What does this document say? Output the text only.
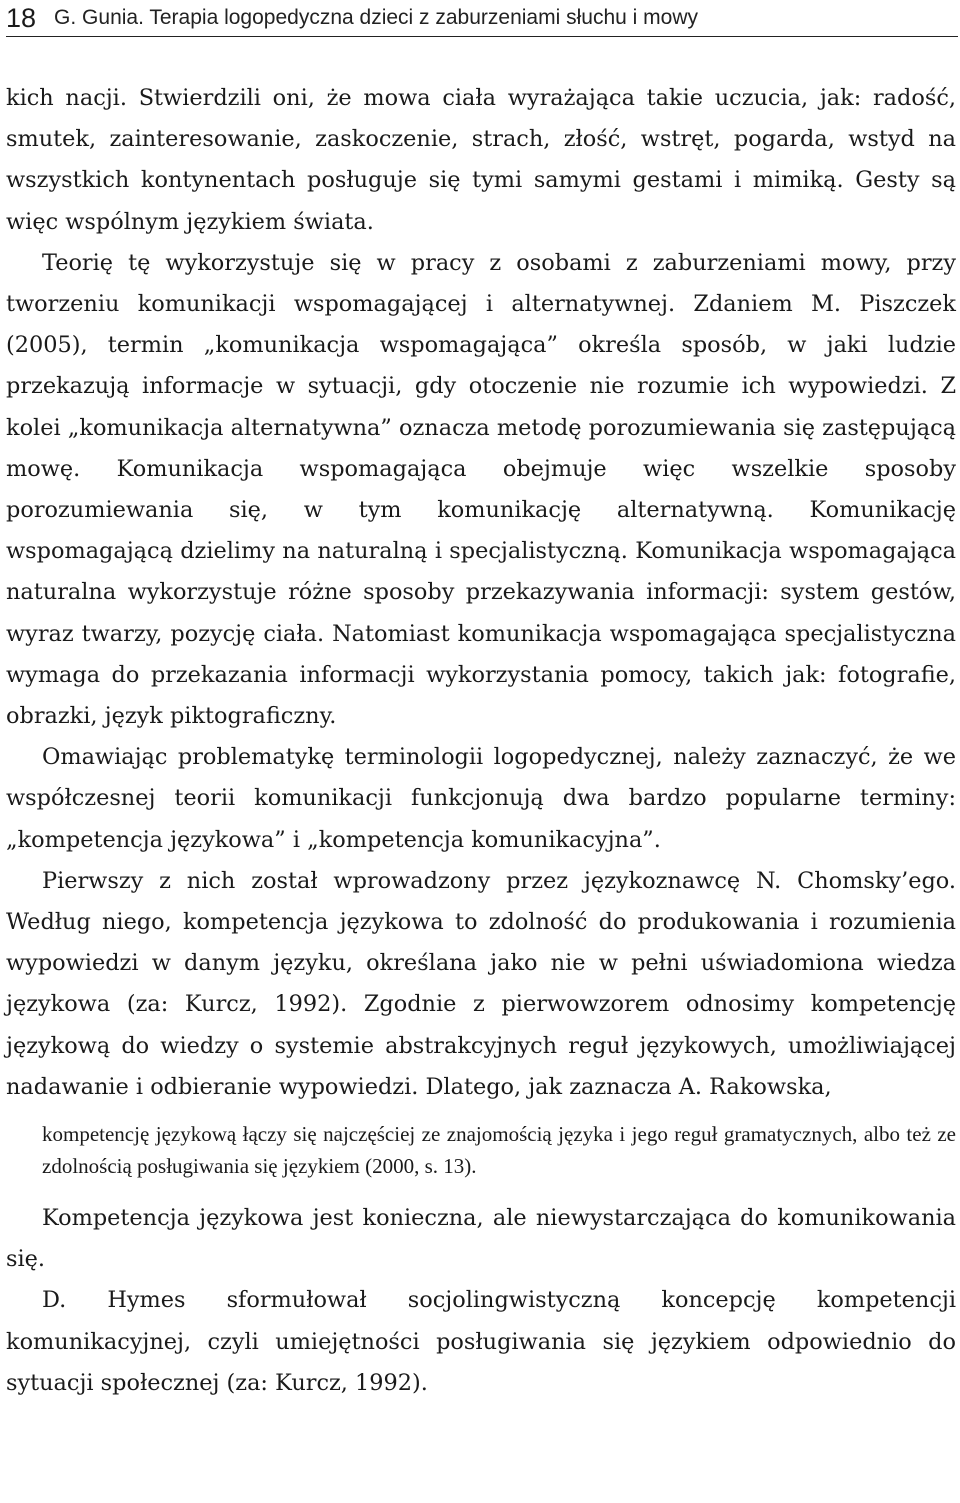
18 G. Gunia. Terapia logopedyczna dzieci z zaburzeniami słuchu i mowy

kich nacji. Stwierdzili oni, że mowa ciała wyrażająca takie uczucia, jak: radość, smutek, zainteresowanie, zaskoczenie, strach, złość, wstręt, pogarda, wstyd na wszystkich kontynentach posługuje się tymi samymi gestami i mimiką. Gesty są więc wspólnym językiem świata.

Teorię tę wykorzystuje się w pracy z osobami z zaburzeniami mowy, przy tworzeniu komunikacji wspomagającej i alternatywnej. Zdaniem M. Piszczek (2005), termin „komunikacja wspomagająca” określa sposób, w jaki ludzie przekazują informacje w sytuacji, gdy otoczenie nie rozumie ich wypowiedzi. Z kolei „komunikacja alternatywna” oznacza metodę porozumiewania się zastępującą mowę. Komunikacja wspomagająca obejmuje więc wszelkie sposoby porozumiewania się, w tym komunikację alternatywną. Komunikację wspomagającą dzielimy na naturalną i specjalistyczną. Komunikacja wspomagająca naturalna wykorzystuje różne sposoby przekazywania informacji: system gestów, wyraz twarzy, pozycję ciała. Natomiast komunikacja wspomagająca specjalistyczna wymaga do przekazania informacji wykorzystania pomocy, takich jak: fotografie, obrazki, język piktograficzny.

Omawiając problematykę terminologii logopedycznej, należy zaznaczyć, że we współczesnej teorii komunikacji funkcjonują dwa bardzo popularne terminy: „kompetencja językowa” i „kompetencja komunikacyjna”.

Pierwszy z nich został wprowadzony przez językoznawcę N. Chomsky’ego. Według niego, kompetencja językowa to zdolność do produkowania i rozumienia wypowiedzi w danym języku, określana jako nie w pełni uświadomiona wiedza językowa (za: Kurcz, 1992). Zgodnie z pierwowzorem odnosimy kompetencję językową do wiedzy o systemie abstrakcyjnych reguł językowych, umożliwiającej nadawanie i odbieranie wypowiedzi. Dlatego, jak zaznacza A. Rakowska,

kompetencję językową łączy się najczęściej ze znajomością języka i jego reguł gramatycznych, albo też ze zdolnością posługiwania się językiem (2000, s. 13).

Kompetencja językowa jest konieczna, ale niewystarczająca do komunikowania się.

D. Hymes sformułował socjolingwistyczną koncepcję kompetencji komunikacyjnej, czyli umiejętności posługiwania się językiem odpowiednio do sytuacji społecznej (za: Kurcz, 1992).
